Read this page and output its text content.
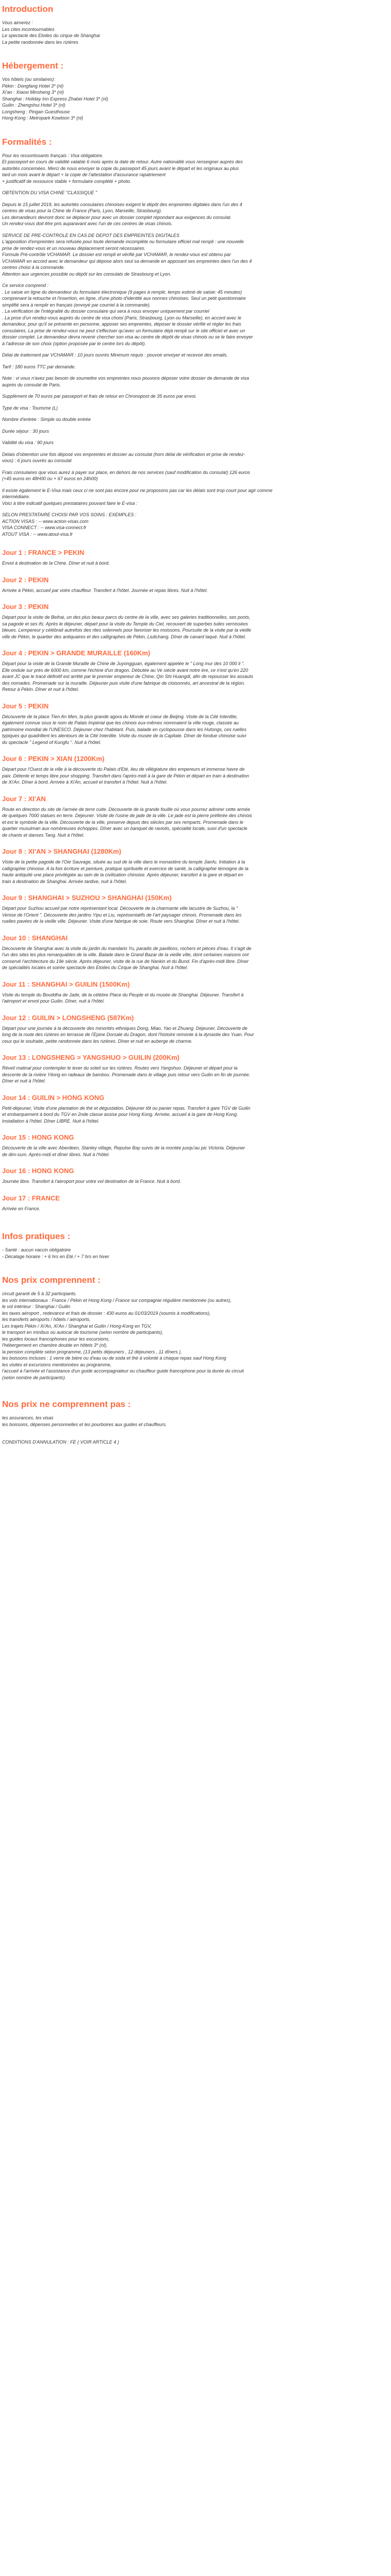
Introduction
Vous aimerez :
Les cites incontournables
Le spectacle des Etoiles du cirque de Shanghai
La petite randonnée dans les rizières
Hébergement :
Vos hôtels (ou similaires):
Pékin : Dongfang Hotel 3* (nl)
Xi'an : Xiaoxi Minsheng 3* (nl)
Shanghai : Holiday Inn Express Zhabei Hotel 3* (nl)
Guilin : Zhengshui Hotel 3* (nl)
Longsheng : Pingan Guesthouse
Hong-Kong : Metropark Kowloon 3* (nl)
Formalités :
Pour les ressortissants français : Visa obligatoire.
Et passeport en cours de validité valable 6 mois après la date de retour. Autre nationalité vous renseigner auprès des
autorités concernées. Merci de nous envoyer la copie du passeport 45 jours avant le départ et les originaux au plus
tard un mois avant le départ + la copie de l'attestation d'assurance rapatriement
+ justificatif de ressource stable + formulaire complété + photo.
OBTENTION DU VISA CHINE "CLASSIQUE "
Depuis le 15 juillet 2019, les autorités consulaires chinoises exigent le dépôt des empreintes digitales dans l'un des 4
centres de visas pour la Chine de France (Paris, Lyon, Marseille, Strasbourg).
Les demandeurs devront donc se déplacer pour avec un dossier complet répondant aux exigences du consulat.
Un rendez-vous doit être pris auparavant avec l'un de ces centres de visas chinois.
SERVICE DE PRE-CONTROLE EN CAS DE DEPOT DES EMPREINTES DIGITALES
L'apposition d'empreintes sera refusée pour toute demande incomplète ou formulaire officiel mal rempli : une nouvelle
prise de rendez-vous et un nouveau déplacement seront nécessaires.
Formule Pré-contrôle VCHAMAR. Le dossier est rempli et vérifié par VCHAMAR, le rendez-vous est obtenu par
VCHAMAR en accord avec le demandeur qui dépose alors seul sa demande en apposant ses empreintes dans l'un des 4
centres choisi à la commande.
Attention aux urgences possible ou dépôt sur les consulats de Strasbourg et Lyon.
Ce service comprend :
. Le saisie en ligne du demandeur du formulaire électronique (9 pages à remplir, temps estimé de saisie: 45 minutes)
comprenant la retouche et l'insertion, en ligne, d'une photo d'identité aux normes chinoises. Seul un petit questionnaire
simplifié sera à remplir en français (envoyé par courriel à la commande).
. La vérification de l'intégralité du dossier consulaire qui sera à nous envoyer uniquement par courriel
. La prise d'un rendez-vous auprès du centre de visa choisi (Paris, Strasbourg, Lyon ou Marseille), en accord avec le
demandeur, pour qu'il se présente en personne, apposer ses empreintes, déposer le dossier vérifié et régler les frais
consulaires. La prise de rendez-vous ne peut s'effectuer qu'avec un formulaire déjà rempli sur le site officiel et avec un
dossier complet. Le demandeur devra revenir chercher son visa au centre de dépôt de visas chinois ou se le faire envoyer
à l'adresse de son choix (option proposée par le centre lors du dépôt).
Délai de traitement par VCHAMAR : 10 jours ouvrés Minimum requis : pouvoir envoyer et recevoir des emails.
Tarif : 180 euros TTC par demande.
Note : vi vous n'avez pas besoin de soumettre vos empreintes nous pouvons déposer votre dossier de demande de visa
auprès du consulat de Paris.
Supplément de 70 euros par passeport et frais de retour en Chronopost de 35 euros par envoi.
Type de visa : Tourisme (L)
Nombre d'entrée : Simple ou double entrée
Durée séjour : 30 jours
Validité du visa : 90 jours
Délais d'obtention une fois déposé vos empreintes et dossier au consulat (hors délai de vérification et prise de rendez-
vous) : 6 jours ouvrés au consulat
Frais consulaires que vous aurez à payer sur place, en dehors de nos services (sauf modification du consulat) 126 euros
(+45 euros en 48H00 ou + 67 euros en 24h00)
Il existe également le E-Visa mais ceux ci ne sont pas encore pour ne proposons pas car les délais sont trop court pour agir comme
intermédiaire.
Voici à titre indicatif quelques prestataires pouvant faire le E-visa :
SELON PRESTATAIRE CHOISI PAR VOS SOINS : EXEMPLES :
ACTION VISAS : -- www.action-visas.com
VISA CONNECT : -- www.visa-connect.fr
ATOUT VISA : -- www.atout-visa.fr
Jour 1 : FRANCE > PEKIN
Envol à destination de la Chine. Dîner et nuit à bord.
Jour 2 : PEKIN
Arrivée à Pékin, accueil par votre chauffeur. Transfert à l'hôtel. Journée et repas libres. Nuit à l'hôtel.
Jour 3 : PEKIN
Départ pour la visite de Beihai, un des plus beaux parcs du centre de la ville, avec ses galeries traditionnelles, ses ponts,
sa pagode et ses ifs. Après le déjeuner, départ pour la visite du Temple du Ciel, recouvert de superbes tuiles vernissées
bleues. Lempereur y célébrait autrefois des rites solennels pour favoriser les moissons. Poursuite de la visite par la vieille
ville de Pékin, le quartier des antiquaires et des calligraphes de Pékin, Liulichang. Dîner de canard laqué. Nuit à l'hôtel.
Jour 4 : PEKIN > GRANDE MURAILLE (160Km)
Départ pour la visite de la Grande Muraille de Chine de Juyongguan, également appelée le " Long mur des 10 000 li ".
Elle ondule sur près de 6000 km, comme l'échine d'un dragon. Débutée au Ve siècle avant notre ère, ce n'est qu'en 220
avant JC que le tracé définitif est arrêté par le premier empereur de Chine, Qin Shi Huangdi, afin de repousser les assauts
des nomades. Promenade sur la muraille. Déjeuner puis visite d'une fabrique de cloisonnés, art ancestral de la région.
Retour à Pékin. Dîner et nuit à l'hôtel.
Jour 5 : PEKIN
Découverte de la place Tien An Men, la plus grande agora du Monde et coeur de Beijing. Visite de la Cité Interdite,
également connue sous le nom de Palais Impérial que les chinois eux-mêmes nommaient la ville rouge, classée au
patrimoine mondial de l'UNESCO. Déjeuner chez l'habitant. Puis, balade en cyclopousse dans les Hutongs, ces ruelles
typiques qui quadrillent les alentours de la Cité Interdite. Visite du musée de la Capitale. Dîner de fondue chinoise suivi
du spectacle " Legend of Kungfu ". Nuit à l'hôtel.
Jour 6 : PEKIN > XIAN (1200Km)
Départ pour l'Ouest de la ville à la découverte du Palais d'Eté, lieu de villégiature des empereurs et immense havre de
paix. Détente et temps libre pour shopping. Transfert dans l'après-midi à la gare de Pékin et départ en train à destination
de Xi'An. Dîner à bord. Arrivée à Xi'An, accueil et transfert à l'hôtel. Nuit à l'hôtel.
Jour 7 : XI'AN
Route en direction du site de l'armée de terre cuite. Découverte de la grande fouille où vous pourrez admirer cette armée
de quelques 7000 statues en terre. Déjeuner. Visite de l'usine de jade de la ville. Le jade est la pierre préférée des chinois
et est le symbole de la ville. Découverte de la ville, preserve depuis des siècles par ses remparts. Promenade dans le
quartier musulman aux nombreuses échoppes. Dîner avec un banquet de raviolis, spécialité locale, suivi d'un spectacle
de chants et danses Tang. Nuit à l'hôtel.
Jour 8 : XI'AN > SHANGHAI (1280Km)
Visite de la petite pagode de l'Oie Sauvage, située au sud de la ville dans le monastère du temple Jianfu. Initiation à la
calligraphie chinoise. A la fois écriture et peinture, pratique spirituelle et exercice de santé, la calligraphie témoigne de la
haute antiquité une place privilégiée au sein de la civilisation chinoise. Après déjeuner, transfert à la gare et départ en
train à destination de Shanghai. Arrivée tardive, nuit à l'hôtel.
Jour 9 : SHANGHAI > SUZHOU > SHANGHAI (150Km)
Départ pour Suzhou accueil par notre représentant local. Découverte de la charmante ville lacustre de Suzhou, la "
Venise de l'Orient ". Découverte des jardins Yipu et Liu, représentatifs de l'art paysager chinois. Promenade dans les
ruelles pavées de la vieille ville. Déjeuner. Visite d'une fabrique de soie. Route vers Shanghai. Dîner et nuit à l'hôtel.
Jour 10 : SHANGHAI
Découverte de Shanghai avec la visite du jardin du mandarin Yu, paradis de pavillons, rochers et pièces d'eau. Il s'agit de
l'un des sites les plus remarquables de la ville. Balade dans le Grand Bazar de la vieille ville, dont certaines maisons ont
conservé l'architecture du 19è siècle. Après déjeuner, visite de la rue de Nankin et du Bund. Fin d'après-midi libre. Dîner
de spécialités locales et soirée spectacle des Etoiles du Cirque de Shanghai. Nuit à l'hôtel.
Jour 11 : SHANGHAI > GUILIN (1500Km)
Visite du temple du Bouddha de Jade, de la célèbre Place du Peuple et du musée de Shanghai. Déjeuner. Transfert à
l'aéroport et envol pour Guilin. Dîner, nuit à l'hôtel.
Jour 12 : GUILIN > LONGSHENG (587Km)
Départ pour une journée à la découverte des minorités ethniques Dong, Miao, Yao et Zhuang. Déjeuner. Découverte de
long de la route des rizières en terrasse de l'Epine Dorsale du Dragon, dont l'histoire remonte à la dynastie des Yuan. Pour
ceux qui le souhaite, petite randonnée dans les rizières. Dîner et nuit en auberge de charme.
Jour 13 : LONGSHENG > YANGSHUO > GUILIN (200Km)
Réveil matinal pour contempler le lever du soleil sur les rizières. Routes vers Yangshuo. Déjeuner et départ pour la
descente de la rivière Yilong en radeaux de bambou. Promenade dans le village puis retour vers Guilin en fin de journée.
Dîner et nuit à l'hôtel.
Jour 14 : GUILIN > HONG KONG
Petit-déjeuner, Visite d'une plantation de thé et dégustation. Déjeuner tôt ou panier repas. Transfert à gare TGV de Guilin
et embarquement à bord du TGV en 2nde classe assise pour Hong Kong. Arrivée, accueil à la gare de Hong Kong.
Installation à l'hôtel. Dîner LIBRE. Nuit à l'hôtel.
Jour 15 : HONG KONG
Découverte de la ville avec Aberdeen, Stanley village, Repulse Bay suivis de la montée jusqu'au pic Victoria. Déjeuner
de dim-sum. Après-midi et dîner libres. Nuit à l'hôtel.
Jour 16 : HONG KONG
Journée libre. Transfert à l'aéroport pour votre vol destination de la France. Nuit à bord.
Jour 17 : FRANCE
Arrivée en France.
Infos pratiques :
- Santé : aucun vaccin obligatoire
- Décalage horaire : + 6 hrs en Eté / + 7 hrs en hiver
Nos prix comprennent :
circuit garanti de 5 à 32 participants.
les vols internationaux : France / Pékin et Hong Kong / France sur compagnie régulière mentionnée (ou autres),
le vol intérieur : Shanghai / Guilin
les taxes aéroport , redevance et frais de dossier : 430 euros au 01/03/2019 (soumis à modifications),
les transferts aéroports / hôtels / aéroports,
Les trajets Pékin / Xi'An, Xi'An / Shanghai et Guilin / Hong-Kong en TGV,
le transport en minibus ou autocar de tourisme (selon nombre de participants),
les guides locaux francophones pour les excursions,
l'hébergement en chambre double en hôtels 3* (nl),
la pension complète selon programme, (13 petits déjeuners , 12 déjeuners , 11 dîners ),
les boissons incluses : 1 verre de bière ou d'eau ou de soda et thé à volonté à chaque repas sauf Hong Kong
les visites et excursions mentionnées au programme,
l'accueil à l'arrivée et l'assistance d'un guide accompagnateur ou chauffeur guide francophone pour la durée du circuit
(selon nombre de participants).
Nos prix ne comprennent pas :
les assurances, les visas
les boissons, dépenses personnelles et les pourboires aux guides et chauffeurs.
CONDITIONS D'ANNULATION : FE ( VOIR ARTICLE 4 )
